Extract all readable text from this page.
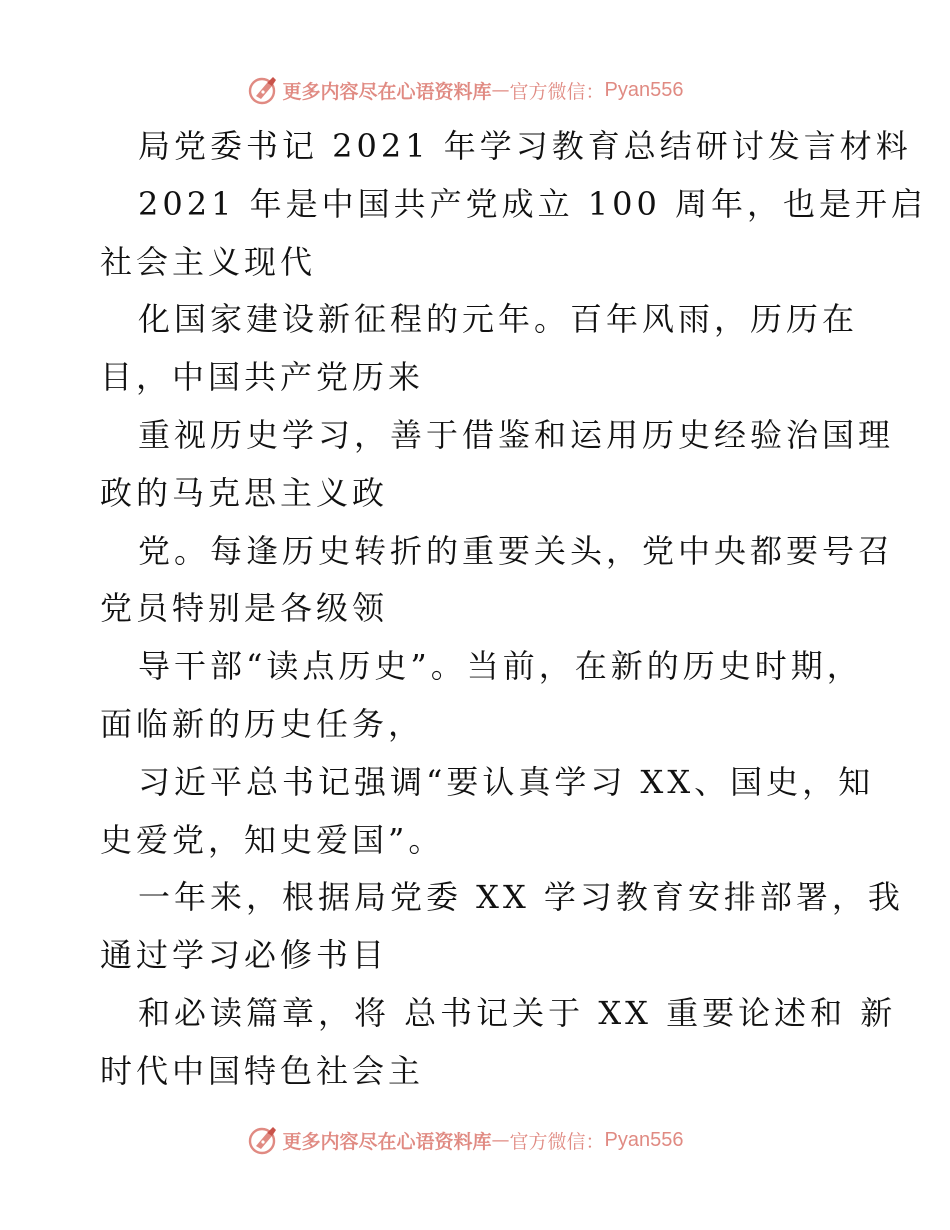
更多内容尽在心语资料库 — 官方微信： Pyan556
局党委书记 2021 年学习教育总结研讨发言材料
2021 年是中国共产党成立 100 周年，也是开启
社会主义现代
化国家建设新征程的元年。百年风雨，历历在
目，中国共产党历来
重视历史学习，善于借鉴和运用历史经验治国理
政的马克思主义政
党。每逢历史转折的重要关头，党中央都要号召
党员特别是各级领
导干部“读点历史”。当前，在新的历史时期，
面临新的历史任务，
习近平总书记强调“要认真学习 XX、国史，知
史爱党，知史爱国”。
一年来，根据局党委 XX 学习教育安排部署，我
通过学习必修书目
和必读篇章，将 总书记关于 XX 重要论述和 新
时代中国特色社会主
更多内容尽在心语资料库 — 官方微信： Pyan556
